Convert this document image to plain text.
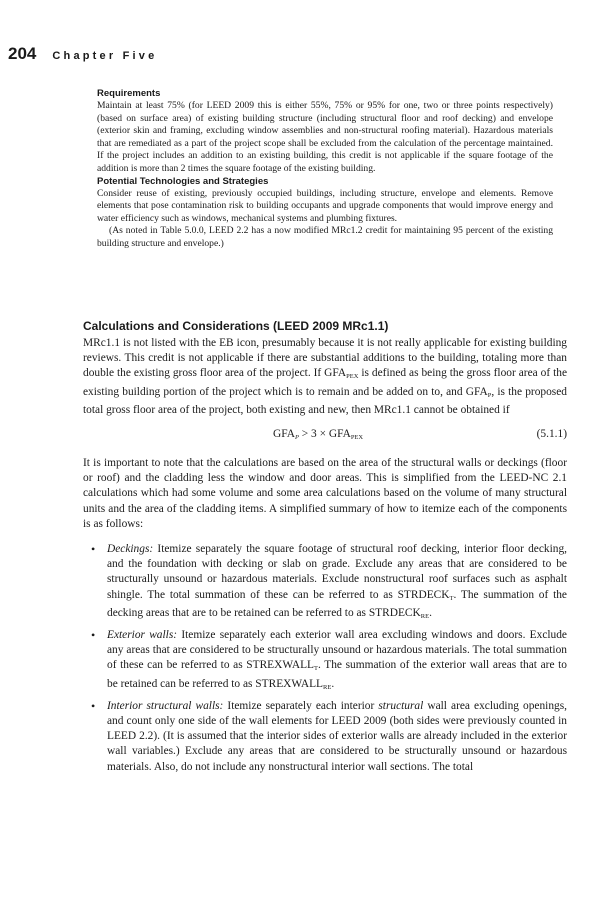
204 Chapter Five
Requirements

Maintain at least 75% (for LEED 2009 this is either 55%, 75% or 95% for one, two or three points respectively) (based on surface area) of existing building structure (including structural floor and roof decking) and envelope (exterior skin and framing, excluding window assemblies and non-structural roofing material). Hazardous materials that are remediated as a part of the project scope shall be excluded from the calculation of the percentage maintained. If the project includes an addition to an existing building, this credit is not applicable if the square footage of the addition is more than 2 times the square footage of the existing building.

Potential Technologies and Strategies

Consider reuse of existing, previously occupied buildings, including structure, envelope and elements. Remove elements that pose contamination risk to building occupants and upgrade components that would improve energy and water efficiency such as windows, mechanical systems and plumbing fixtures.

(As noted in Table 5.0.0, LEED 2.2 has a now modified MRc1.2 credit for maintaining 95 percent of the existing building structure and envelope.)

Calculations and Considerations (LEED 2009 MRc1.1)

MRc1.1 is not listed with the EB icon, presumably because it is not really applicable for existing building reviews. This credit is not applicable if there are substantial additions to the building, totaling more than double the existing gross floor area of the project. If $GFA_{PEX}$ is defined as being the gross floor area of the existing building portion of the project which is to remain and be added on to, and $GFA_P$, is the proposed total gross floor area of the project, both existing and new, then MRc1.1 cannot be obtained if

$GFA_P > 3 \times GFA_{PEX}$	(5.1.1)

It is important to note that the calculations are based on the area of the structural walls or deckings (floor or roof) and the cladding less the window and door areas. This is simplified from the LEED-NC 2.1 calculations which had some volume and some area calculations based on the volume of many structural units and the area of the cladding items. A simplified summary of how to itemize each of the components is as follows:

• Deckings: Itemize separately the square footage of structural roof decking, interior floor decking, and the foundation with decking or slab on grade. Exclude any areas that are considered to be structurally unsound or hazardous materials. Exclude nonstructural roof surfaces such as asphalt shingle. The total summation of these can be referred to as $STRDECK_T$. The summation of the decking areas that are to be retained can be referred to as $STRDECK_{RE}$.
• Exterior walls: Itemize separately each exterior wall area excluding windows and doors. Exclude any areas that are considered to be structurally unsound or hazardous materials. The total summation of these can be referred to as $STREXWALL_T$. The summation of the exterior wall areas that are to be retained can be referred to as $STREXWALL_{RE}$.
• Interior structural walls: Itemize separately each interior structural wall area excluding openings, and count only one side of the wall elements for LEED 2009 (both sides were previously counted in LEED 2.2). (It is assumed that the interior sides of exterior walls are already included in the exterior wall variables.) Exclude any areas that are considered to be structurally unsound or hazardous materials. Also, do not include any nonstructural interior wall sections. The total
